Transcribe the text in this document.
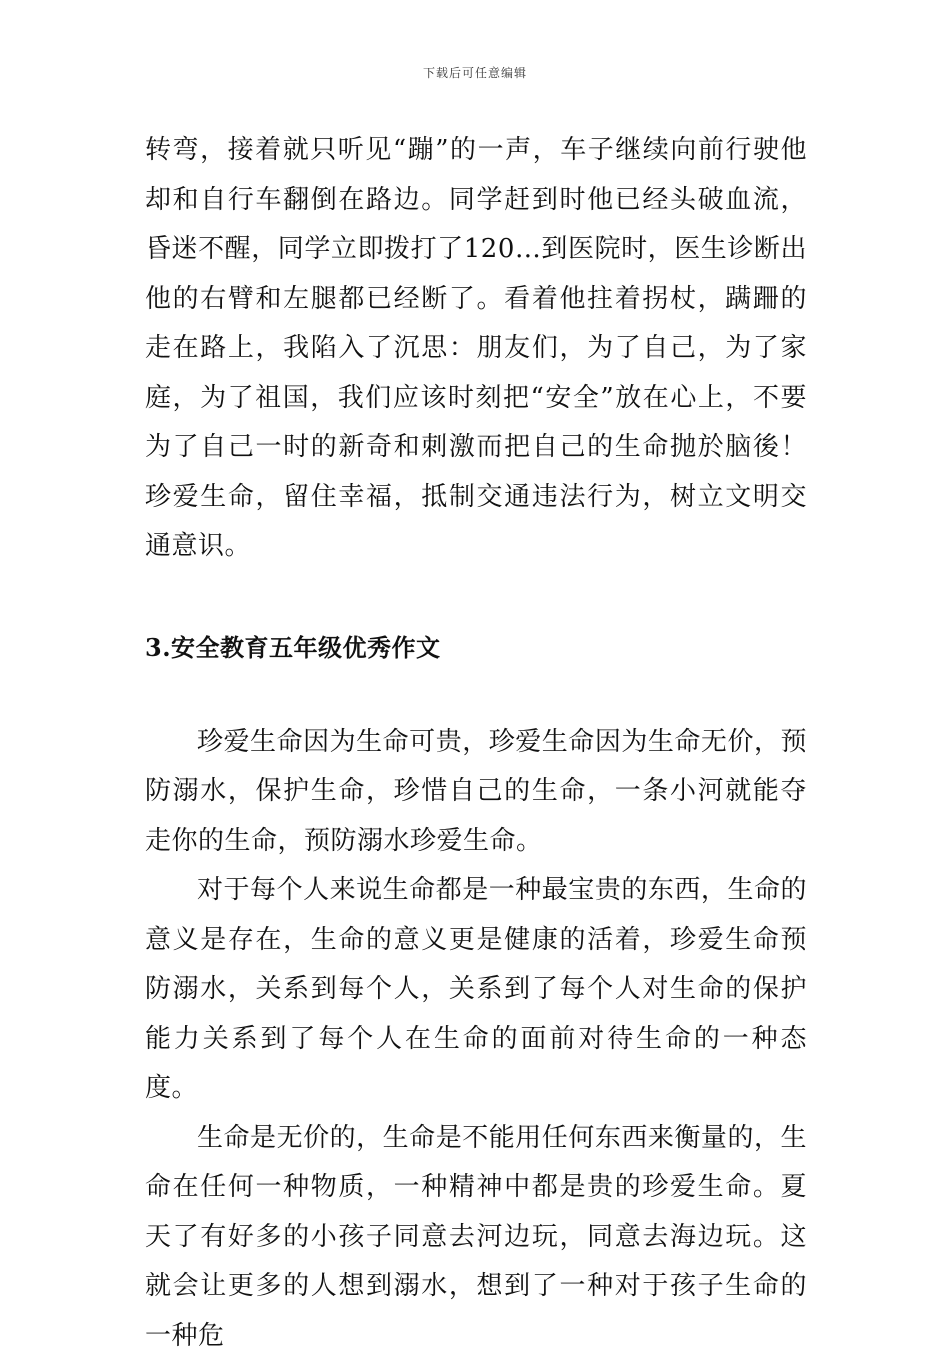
下载后可任意编辑

转弯，接着就只听见“蹦”的一声，车子继续向前行驶他却和自行车翻倒在路边。同学赶到时他已经头破血流，昏迷不醒，同学立即拨打了120…到医院时，医生诊断出他的右臂和左腿都已经断了。看着他拄着拐杖，蹒跚的走在路上，我陷入了沉思：朋友们，为了自己，为了家庭，为了祖国，我们应该时刻把“安全”放在心上，不要为了自己一时的新奇和刺激而把自己的生命抛於脑後！珍爱生命，留住幸福，抵制交通违法行为，树立文明交通意识。

3.安全教育五年级优秀作文

珍爱生命因为生命可贵，珍爱生命因为生命无价，预防溺水，保护生命，珍惜自己的生命，一条小河就能夺走你的生命，预防溺水珍爱生命。

对于每个人来说生命都是一种最宝贵的东西，生命的意义是存在，生命的意义更是健康的活着，珍爱生命预防溺水，关系到每个人，关系到了每个人对生命的保护能力关系到了每个人在生命的面前对待生命的一种态度。

生命是无价的，生命是不能用任何东西来衡量的，生命在任何一种物质，一种精神中都是贵的珍爱生命。夏天了有好多的小孩子同意去河边玩，同意去海边玩。这就会让更多的人想到溺水，想到了一种对于孩子生命的一种危
